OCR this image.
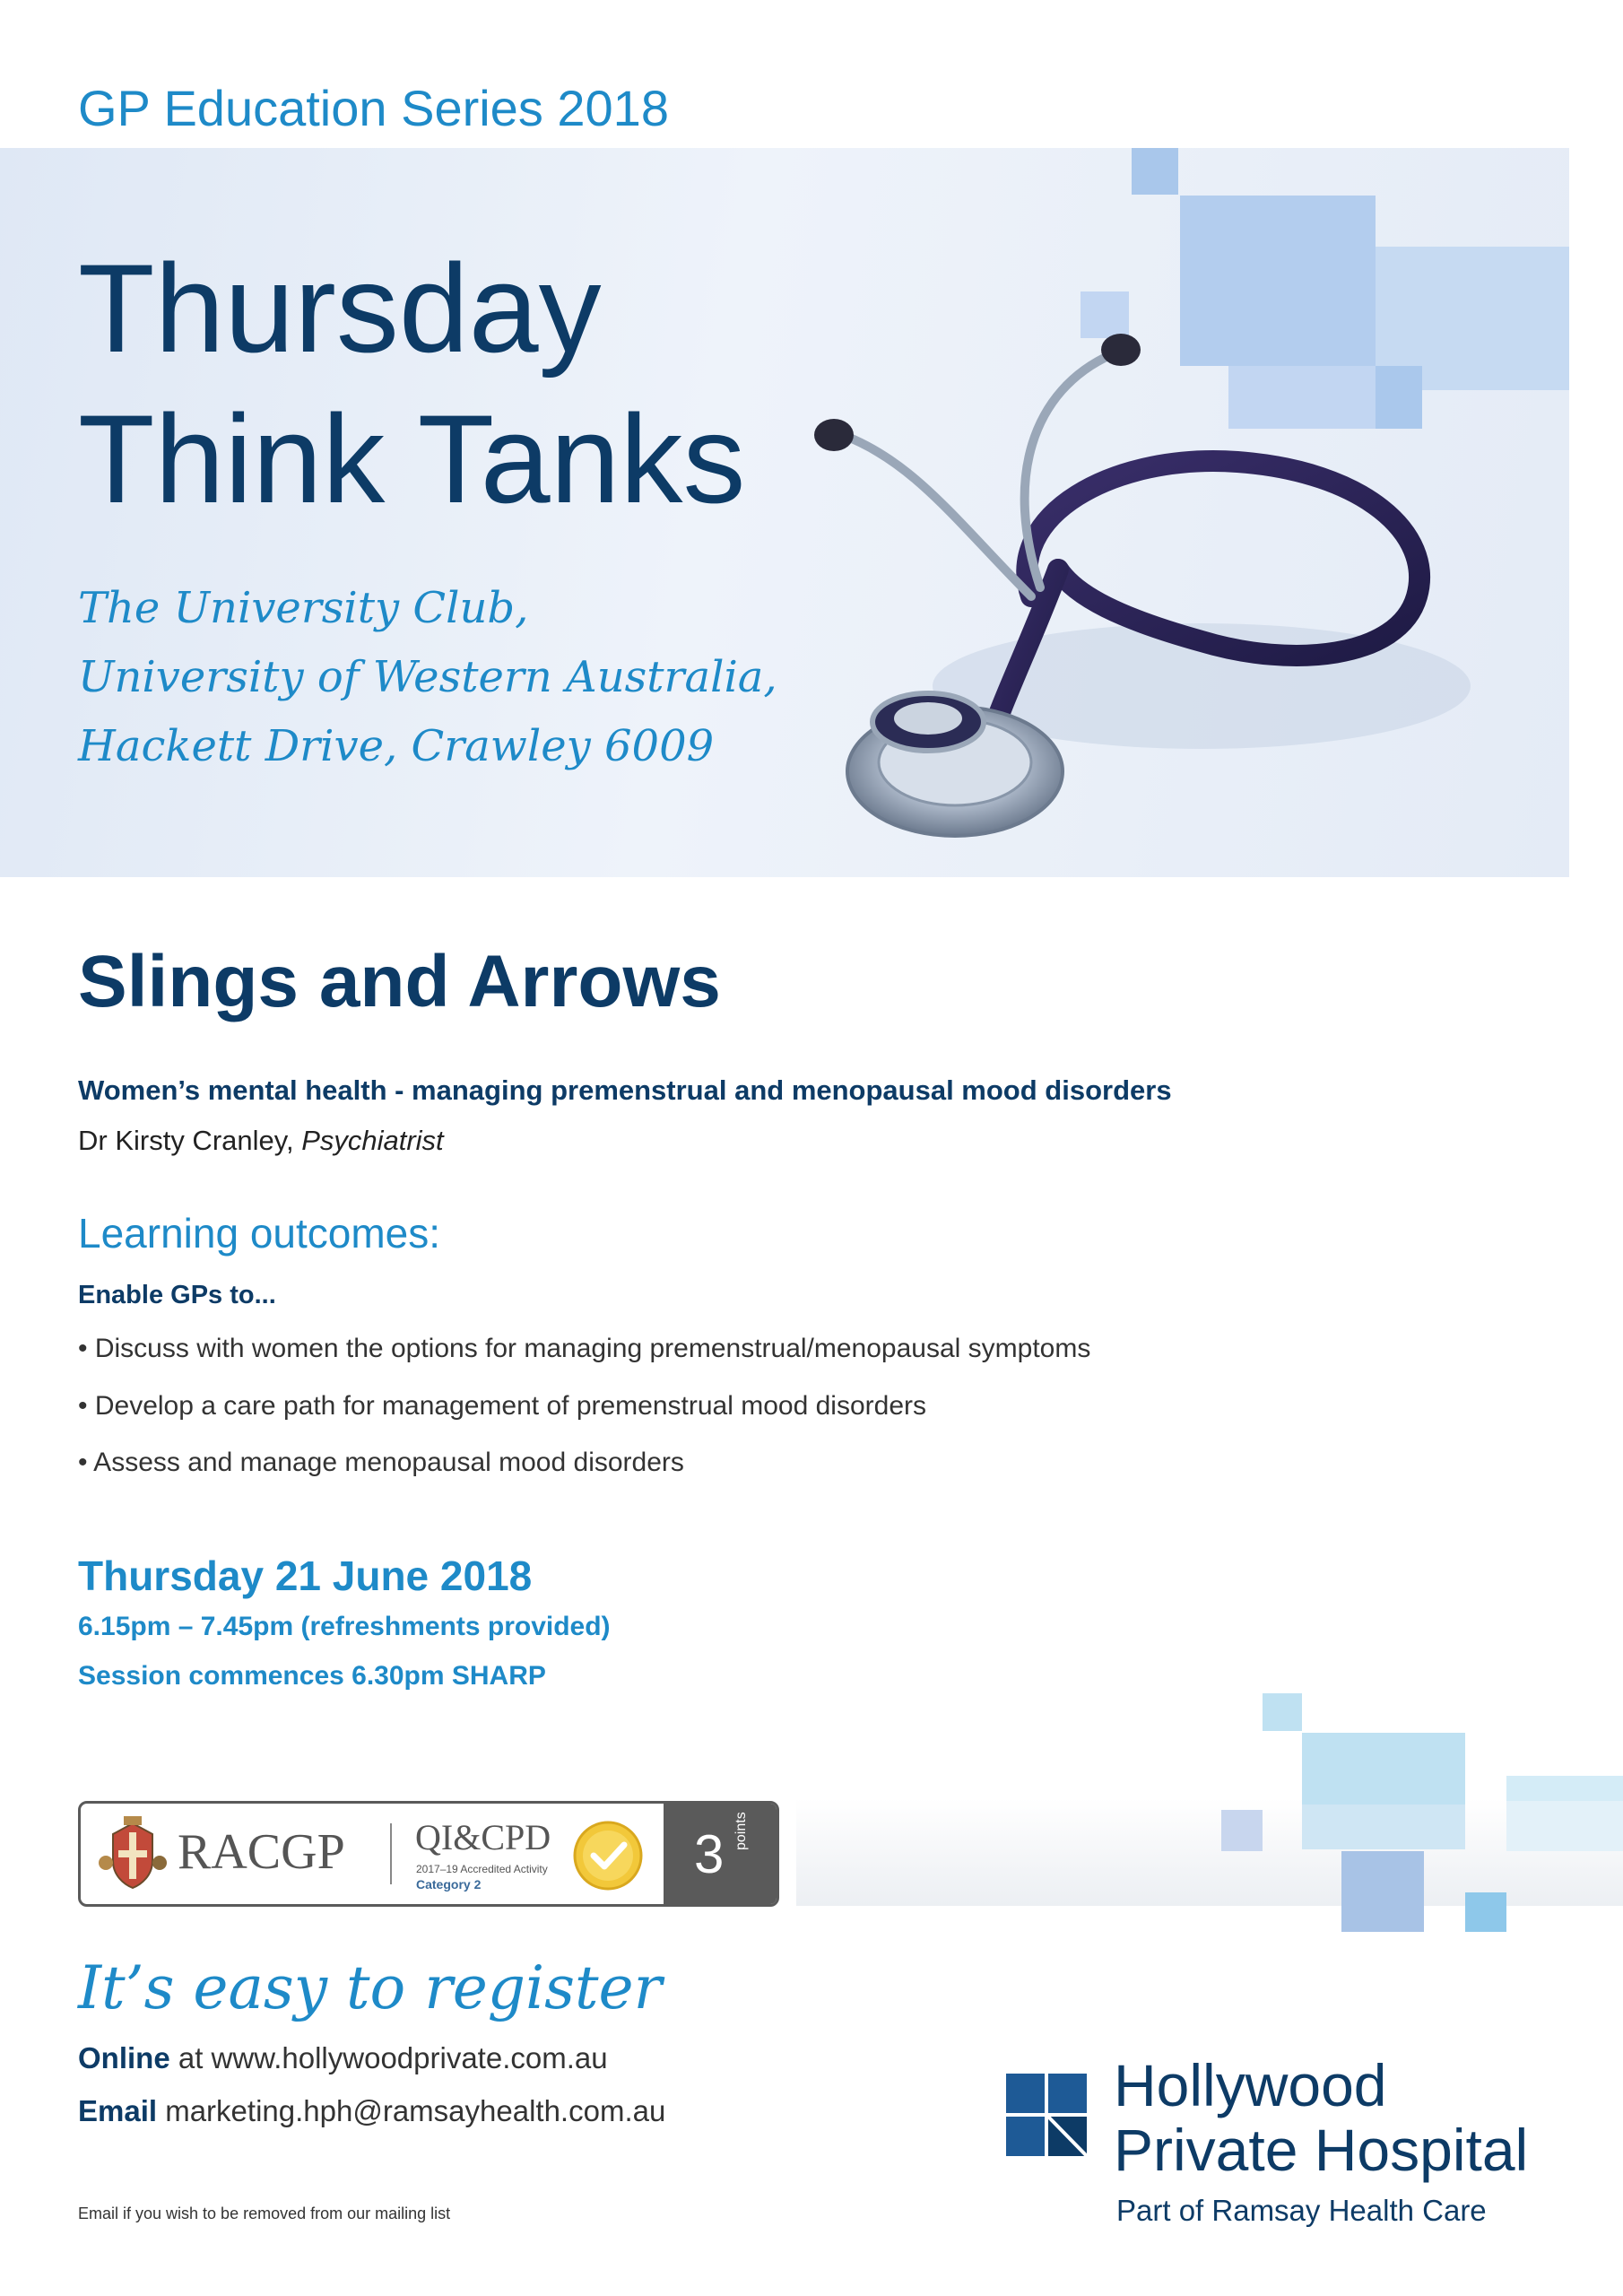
GP Education Series 2018
Thursday
Think Tanks
The University Club,
University of Western Australia,
Hackett Drive, Crawley 6009
Slings and Arrows
Women’s mental health - managing premenstrual and menopausal mood disorders
Dr Kirsty Cranley, Psychiatrist
Learning outcomes:
Enable GPs to...
• Discuss with women the options for managing premenstrual/menopausal symptoms
• Develop a care path for management of premenstrual mood disorders
• Assess and manage menopausal mood disorders
Thursday 21 June 2018
6.15pm – 7.45pm (refreshments provided)
Session commences 6.30pm SHARP
RACGP QI&CPD
2017–19 Accredited Activity
Category 2	3 points
It’s easy to register
Online at www.hollywoodprivate.com.au
Email marketing.hph@ramsayhealth.com.au
Email if you wish to be removed from our mailing list
Hollywood
Private Hospital
Part of Ramsay Health Care
